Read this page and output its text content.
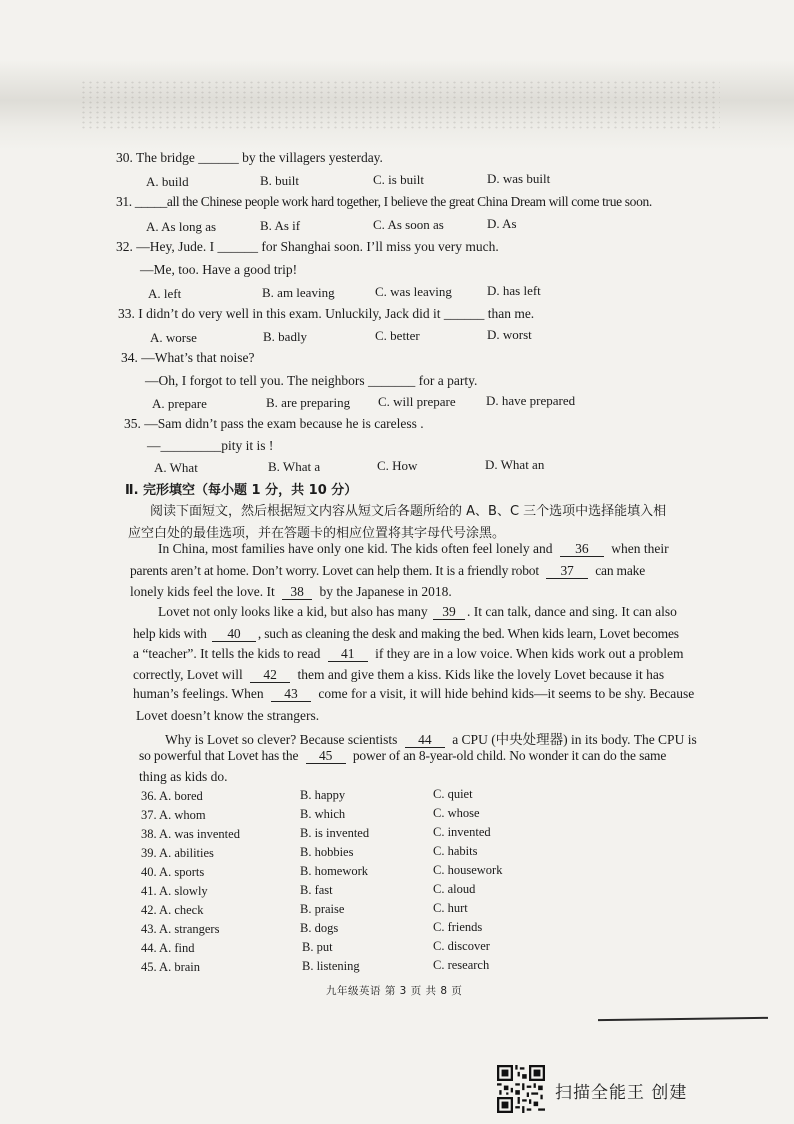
30. The bridge ______ by the villagers yesterday.
A. build	B. built	C. is built	D. was built
31. _____all the Chinese people work hard together, I believe the great China Dream will come true soon.
A. As long as	B. As if	C. As soon as	D. As
32. —Hey, Jude. I ______ for Shanghai soon. I’ll miss you very much.
—Me, too. Have a good trip!
A. left	B. am leaving	C. was leaving	D. has left
33. I didn’t do very well in this exam. Unluckily, Jack did it ______ than me.
A. worse	B. badly	C. better	D. worst
34. —What’s that noise?
—Oh, I forgot to tell you. The neighbors _______ for a party.
A. prepare	B. are preparing C. will prepare D. have prepared
35. —Sam didn’t pass the exam because he is careless .
—_________pity it is !
A. What	B. What a	C. How	D. What an
Ⅱ. 完形填空（每小题 1 分，共 10 分）
阅读下面短文，然后根据短文内容从短文后各题所给的 A、B、C 三个选项中选择能填入相
应空白处的最佳选项，并在答题卡的相应位置将其字母代号涂黑。
In China, most families have only one kid. The kids often feel lonely and 36 when their
parents aren’t at home. Don’t worry. Lovet can help them. It is a friendly robot 37 can make
lonely kids feel the love. It 38 by the Japanese in 2018.
Lovet not only looks like a kid, but also has many 39 . It can talk, dance and sing. It can also
help kids with 40 , such as cleaning the desk and making the bed. When kids learn, Lovet becomes
a “teacher”. It tells the kids to read 41 if they are in a low voice. When kids work out a problem
correctly, Lovet will 42 them and give them a kiss. Kids like the lovely Lovet because it has
human’s feelings. When 43 come for a visit, it will hide behind kids—it seems to be shy. Because
Lovet doesn’t know the strangers.
Why is Lovet so clever? Because scientists 44 a CPU (中央处理器) in its body. The CPU is
so powerful that Lovet has the 45 power of an 8-year-old child. No wonder it can do the same
thing as kids do.
36. A. bored	B. happy	C. quiet
37. A. whom	B. which	C. whose
38. A. was invented	B. is invented	C. invented
39. A. abilities	B. hobbies	C. habits
40. A. sports	B. homework	C. housework
41. A. slowly	B. fast	C. aloud
42. A. check	B. praise	C. hurt
43. A. strangers	B. dogs	C. friends
44. A. find	B. put	C. discover
45. A. brain	B. listening	C. research
九年级英语 第 3 页 共 8 页
扫描全能王 创建
